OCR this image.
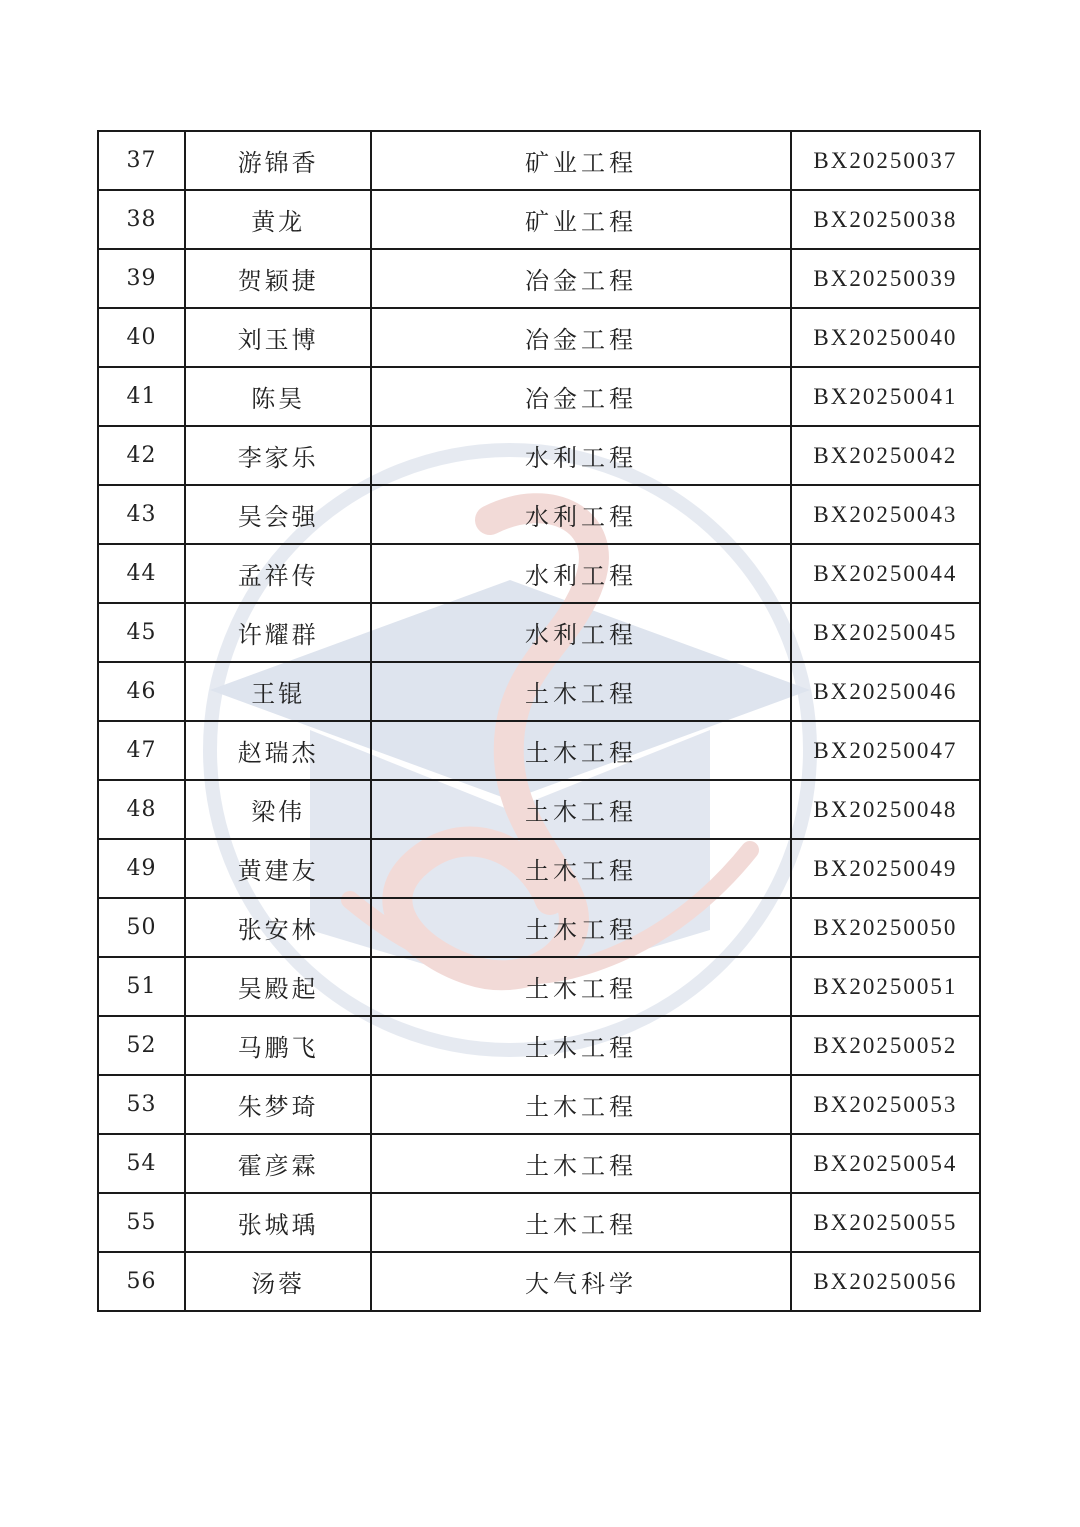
37	游锦香	矿业工程	BX20250037
38	黄龙	矿业工程	BX20250038
39	贺颖捷	冶金工程	BX20250039
40	刘玉博	冶金工程	BX20250040
41	陈昊	冶金工程	BX20250041
42	李家乐	水利工程	BX20250042
43	吴会强	水利工程	BX20250043
44	孟祥传	水利工程	BX20250044
45	许耀群	水利工程	BX20250045
46	王锟	土木工程	BX20250046
47	赵瑞杰	土木工程	BX20250047
48	梁伟	土木工程	BX20250048
49	黄建友	土木工程	BX20250049
50	张安林	土木工程	BX20250050
51	吴殿起	土木工程	BX20250051
52	马鹏飞	土木工程	BX20250052
53	朱梦琦	土木工程	BX20250053
54	霍彦霖	土木工程	BX20250054
55	张城瑀	土木工程	BX20250055
56	汤蓉	大气科学	BX20250056
